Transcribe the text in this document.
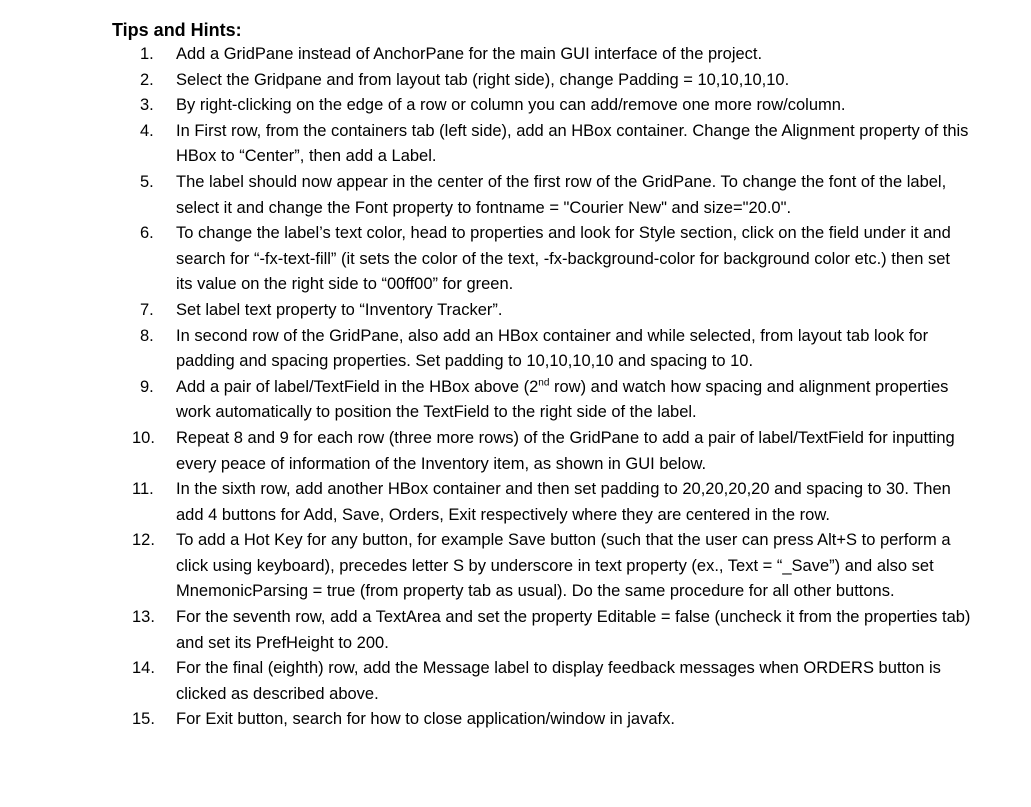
Tips and Hints:
1.	Add a GridPane instead of AnchorPane for the main GUI interface of the project.
2.	Select the Gridpane and from layout tab (right side), change Padding = 10,10,10,10.
3.	By right-clicking on the edge of a row or column you can add/remove one more row/column.
4.	In First row, from the containers tab (left side), add an HBox container. Change the Alignment property of this HBox to “Center”, then add a Label.
5.	The label should now appear in the center of the first row of the GridPane. To change the font of the label, select it and change the Font property to fontname = "Courier New" and size="20.0".
6.	To change the label’s text color, head to properties and look for Style section, click on the field under it and search for “-fx-text-fill” (it sets the color of the text, -fx-background-color for background color etc.) then set its value on the right side to “00ff00” for green.
7.	Set label text property to “Inventory Tracker”.
8.	In second row of the GridPane, also add an HBox container and while selected, from layout tab look for padding and spacing properties. Set padding to 10,10,10,10 and spacing to 10.
9.	Add a pair of label/TextField in the HBox above (2nd row) and watch how spacing and alignment properties work automatically to position the TextField to the right side of the label.
10.	Repeat 8 and 9 for each row (three more rows) of the GridPane to add a pair of label/TextField for inputting every peace of information of the Inventory item, as shown in GUI below.
11.	In the sixth row, add another HBox container and then set padding to 20,20,20,20 and spacing to 30. Then add 4 buttons for Add, Save, Orders, Exit respectively where they are centered in the row.
12.	To add a Hot Key for any button, for example Save button (such that the user can press Alt+S to perform a click using keyboard), precedes letter S by underscore in text property (ex., Text = “_Save”) and also set MnemonicParsing = true (from property tab as usual). Do the same procedure for all other buttons.
13.	For the seventh row, add a TextArea and set the property Editable = false (uncheck it from the properties tab) and set its PrefHeight to 200.
14.	For the final (eighth) row, add the Message label to display feedback messages when ORDERS button is clicked as described above.
15.	For Exit button, search for how to close application/window in javafx.
